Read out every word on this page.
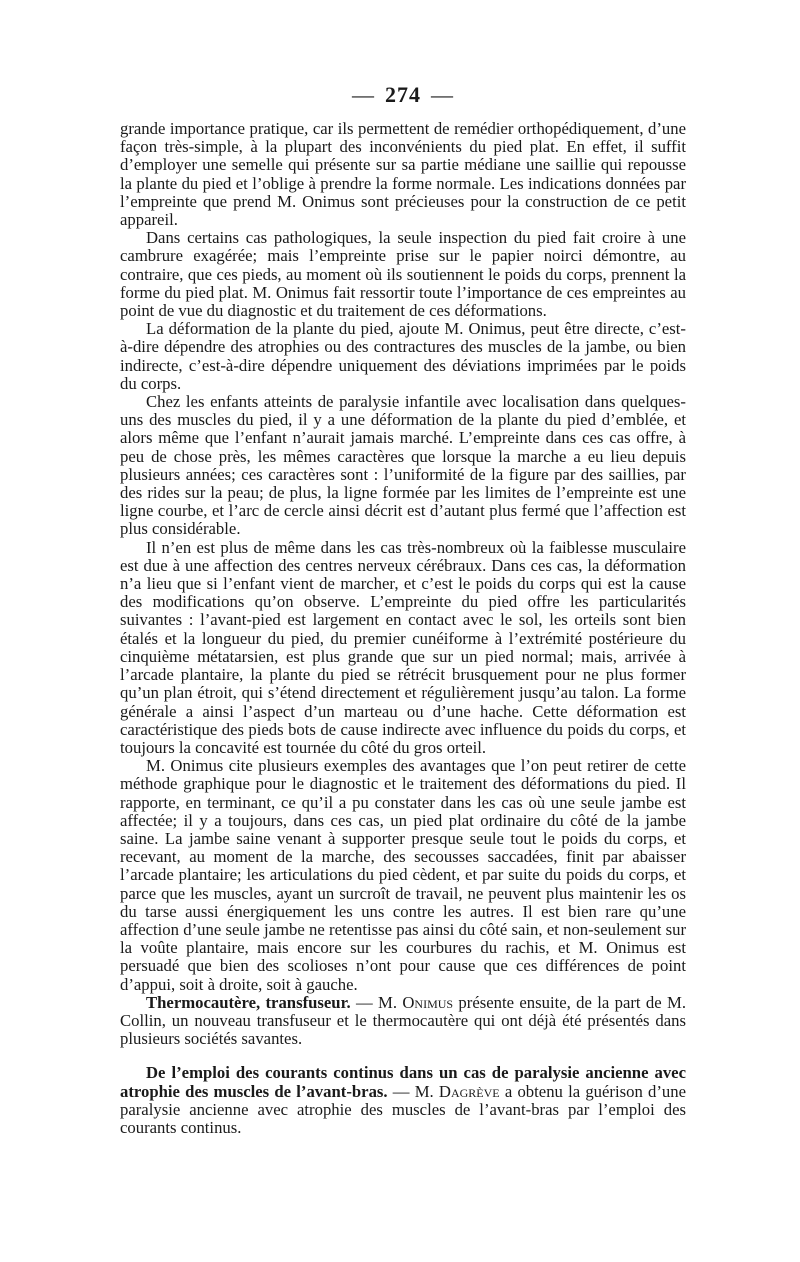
— 274 —

grande importance pratique, car ils permettent de remédier orthopédiquement, d’une façon très-simple, à la plupart des inconvénients du pied plat. En effet, il suffit d’employer une semelle qui présente sur sa partie médiane une saillie qui repousse la plante du pied et l’oblige à prendre la forme normale. Les indications données par l’empreinte que prend M. Onimus sont précieuses pour la construction de ce petit appareil.

Dans certains cas pathologiques, la seule inspection du pied fait croire à une cambrure exagérée; mais l’empreinte prise sur le papier noirci démontre, au contraire, que ces pieds, au moment où ils soutiennent le poids du corps, prennent la forme du pied plat. M. Onimus fait ressortir toute l’importance de ces empreintes au point de vue du diagnostic et du traitement de ces déformations.

La déformation de la plante du pied, ajoute M. Onimus, peut être directe, c’est-à-dire dépendre des atrophies ou des contractures des muscles de la jambe, ou bien indirecte, c’est-à-dire dépendre uniquement des déviations imprimées par le poids du corps.

Chez les enfants atteints de paralysie infantile avec localisation dans quelques-uns des muscles du pied, il y a une déformation de la plante du pied d’emblée, et alors même que l’enfant n’aurait jamais marché. L’empreinte dans ces cas offre, à peu de chose près, les mêmes caractères que lorsque la marche a eu lieu depuis plusieurs années; ces caractères sont : l’uniformité de la figure par des saillies, par des rides sur la peau; de plus, la ligne formée par les limites de l’empreinte est une ligne courbe, et l’arc de cercle ainsi décrit est d’autant plus fermé que l’affection est plus considérable.

Il n’en est plus de même dans les cas très-nombreux où la faiblesse musculaire est due à une affection des centres nerveux cérébraux. Dans ces cas, la déformation n’a lieu que si l’enfant vient de marcher, et c’est le poids du corps qui est la cause des modifications qu’on observe. L’empreinte du pied offre les particularités suivantes : l’avant-pied est largement en contact avec le sol, les orteils sont bien étalés et la longueur du pied, du premier cunéiforme à l’extrémité postérieure du cinquième métatarsien, est plus grande que sur un pied normal; mais, arrivée à l’arcade plantaire, la plante du pied se rétrécit brusquement pour ne plus former qu’un plan étroit, qui s’étend directement et régulièrement jusqu’au talon. La forme générale a ainsi l’aspect d’un marteau ou d’une hache. Cette déformation est caractéristique des pieds bots de cause indirecte avec influence du poids du corps, et toujours la concavité est tournée du côté du gros orteil.

M. Onimus cite plusieurs exemples des avantages que l’on peut retirer de cette méthode graphique pour le diagnostic et le traitement des déformations du pied. Il rapporte, en terminant, ce qu’il a pu constater dans les cas où une seule jambe est affectée; il y a toujours, dans ces cas, un pied plat ordinaire du côté de la jambe saine. La jambe saine venant à supporter presque seule tout le poids du corps, et recevant, au moment de la marche, des secousses saccadées, finit par abaisser l’arcade plantaire; les articulations du pied cèdent, et par suite du poids du corps, et parce que les muscles, ayant un surcroît de travail, ne peuvent plus maintenir les os du tarse aussi énergiquement les uns contre les autres. Il est bien rare qu’une affection d’une seule jambe ne retentisse pas ainsi du côté sain, et non-seulement sur la voûte plantaire, mais encore sur les courbures du rachis, et M. Onimus est persuadé que bien des scolioses n’ont pour cause que ces différences de point d’appui, soit à droite, soit à gauche.

Thermocautère, transfuseur. — M. Onimus présente ensuite, de la part de M. Collin, un nouveau transfuseur et le thermocautère qui ont déjà été présentés dans plusieurs sociétés savantes.

De l’emploi des courants continus dans un cas de paralysie ancienne avec atrophie des muscles de l’avant-bras. — M. Dagrève a obtenu la guérison d’une paralysie ancienne avec atrophie des muscles de l’avant-bras par l’emploi des courants continus.
